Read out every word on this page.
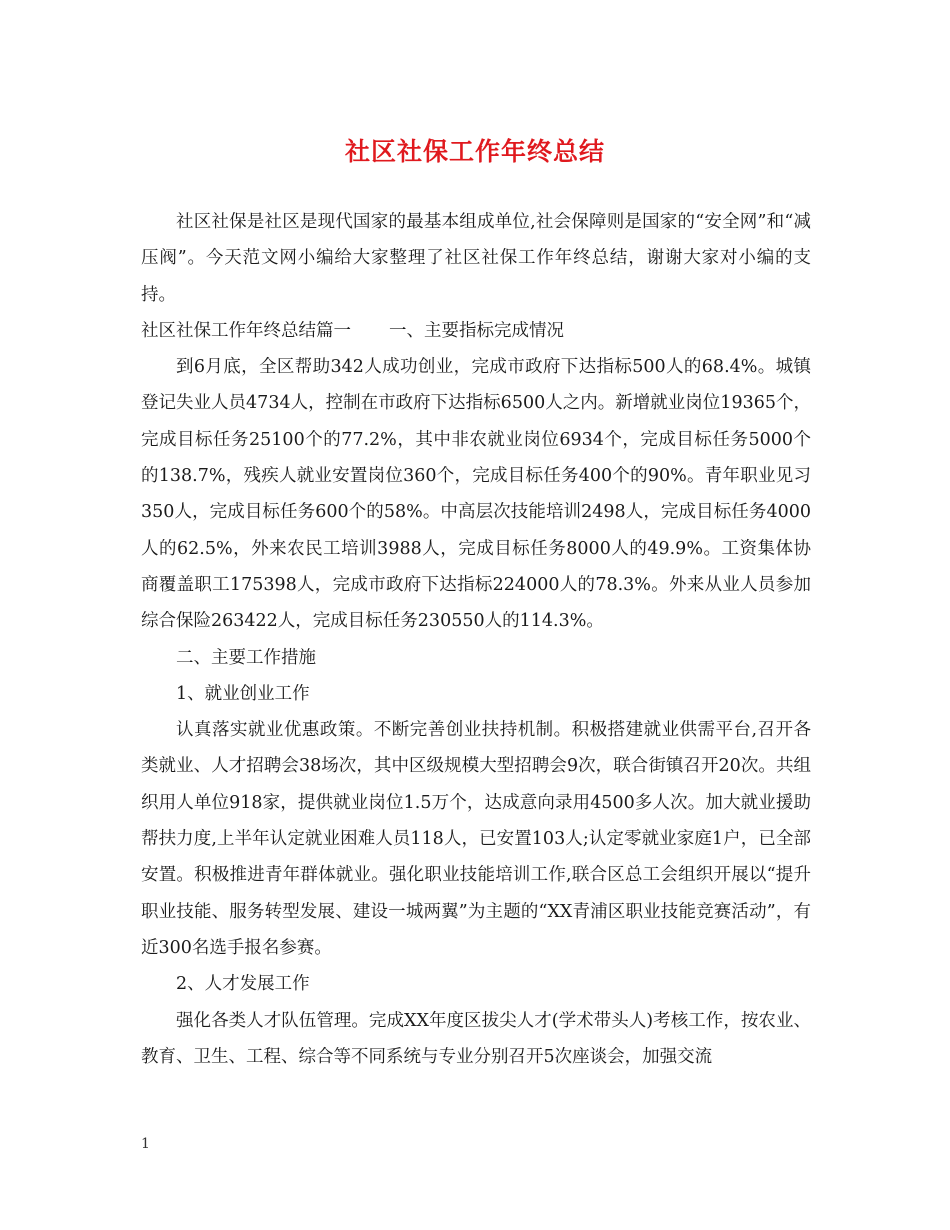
社区社保工作年终总结

社区社保是社区是现代国家的最基本组成单位,社会保障则是国家的“安全网”和“减压阀”。今天范文网小编给大家整理了社区社保工作年终总结，谢谢大家对小编的支持。

社区社保工作年终总结篇一 一、主要指标完成情况

到6月底，全区帮助342人成功创业，完成市政府下达指标500人的68.4%。城镇登记失业人员4734人，控制在市政府下达指标6500人之内。新增就业岗位19365个，完成目标任务25100个的77.2%，其中非农就业岗位6934个，完成目标任务5000个的138.7%，残疾人就业安置岗位360个，完成目标任务400个的90%。青年职业见习350人，完成目标任务600个的58%。中高层次技能培训2498人，完成目标任务4000人的62.5%，外来农民工培训3988人，完成目标任务8000人的49.9%。工资集体协商覆盖职工175398人，完成市政府下达指标224000人的78.3%。外来从业人员参加综合保险263422人，完成目标任务230550人的114.3%。

二、主要工作措施

1、就业创业工作

认真落实就业优惠政策。不断完善创业扶持机制。积极搭建就业供需平台,召开各类就业、人才招聘会38场次，其中区级规模大型招聘会9次，联合街镇召开20次。共组织用人单位918家，提供就业岗位1.5万个，达成意向录用4500多人次。加大就业援助帮扶力度,上半年认定就业困难人员118人，已安置103人;认定零就业家庭1户，已全部安置。积极推进青年群体就业。强化职业技能培训工作,联合区总工会组织开展以“提升职业技能、服务转型发展、建设一城两翼”为主题的“XX青浦区职业技能竞赛活动”，有近300名选手报名参赛。

2、人才发展工作

强化各类人才队伍管理。完成XX年度区拔尖人才(学术带头人)考核工作，按农业、教育、卫生、工程、综合等不同系统与专业分别召开5次座谈会，加强交流

1
